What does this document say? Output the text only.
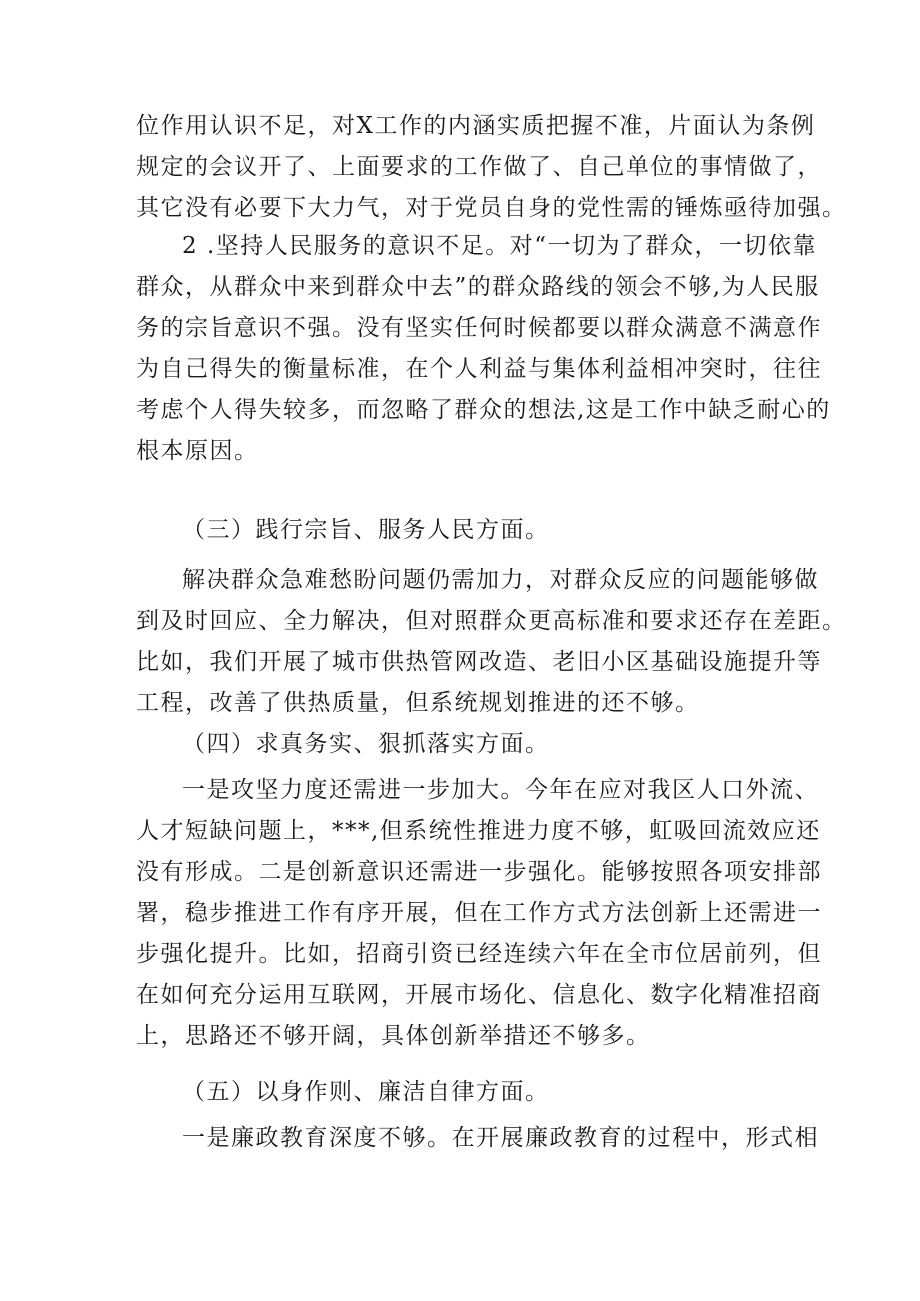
位作用认识不足，对X工作的内涵实质把握不准，片面认为条例
规定的会议开了、上面要求的工作做了、自己单位的事情做了，
其它没有必要下大力气，对于党员自身的党性需的锤炼亟待加强。
2 .坚持人民服务的意识不足。对“一切为了群众，一切依靠
群众，从群众中来到群众中去”的群众路线的领会不够,为人民服
务的宗旨意识不强。没有坚实任何时候都要以群众满意不满意作
为自己得失的衡量标准，在个人利益与集体利益相冲突时，往往
考虑个人得失较多，而忽略了群众的想法,这是工作中缺乏耐心的
根本原因。
（三）践行宗旨、服务人民方面。
解决群众急难愁盼问题仍需加力，对群众反应的问题能够做
到及时回应、全力解决，但对照群众更高标准和要求还存在差距。
比如，我们开展了城市供热管网改造、老旧小区基础设施提升等
工程，改善了供热质量，但系统规划推进的还不够。
（四）求真务实、狠抓落实方面。
一是攻坚力度还需进一步加大。今年在应对我区人口外流、
人才短缺问题上，***,但系统性推进力度不够，虹吸回流效应还
没有形成。二是创新意识还需进一步强化。能够按照各项安排部
署，稳步推进工作有序开展，但在工作方式方法创新上还需进一
步强化提升。比如，招商引资已经连续六年在全市位居前列，但
在如何充分运用互联网，开展市场化、信息化、数字化精准招商
上，思路还不够开阔，具体创新举措还不够多。
（五）以身作则、廉洁自律方面。
一是廉政教育深度不够。在开展廉政教育的过程中，形式相
